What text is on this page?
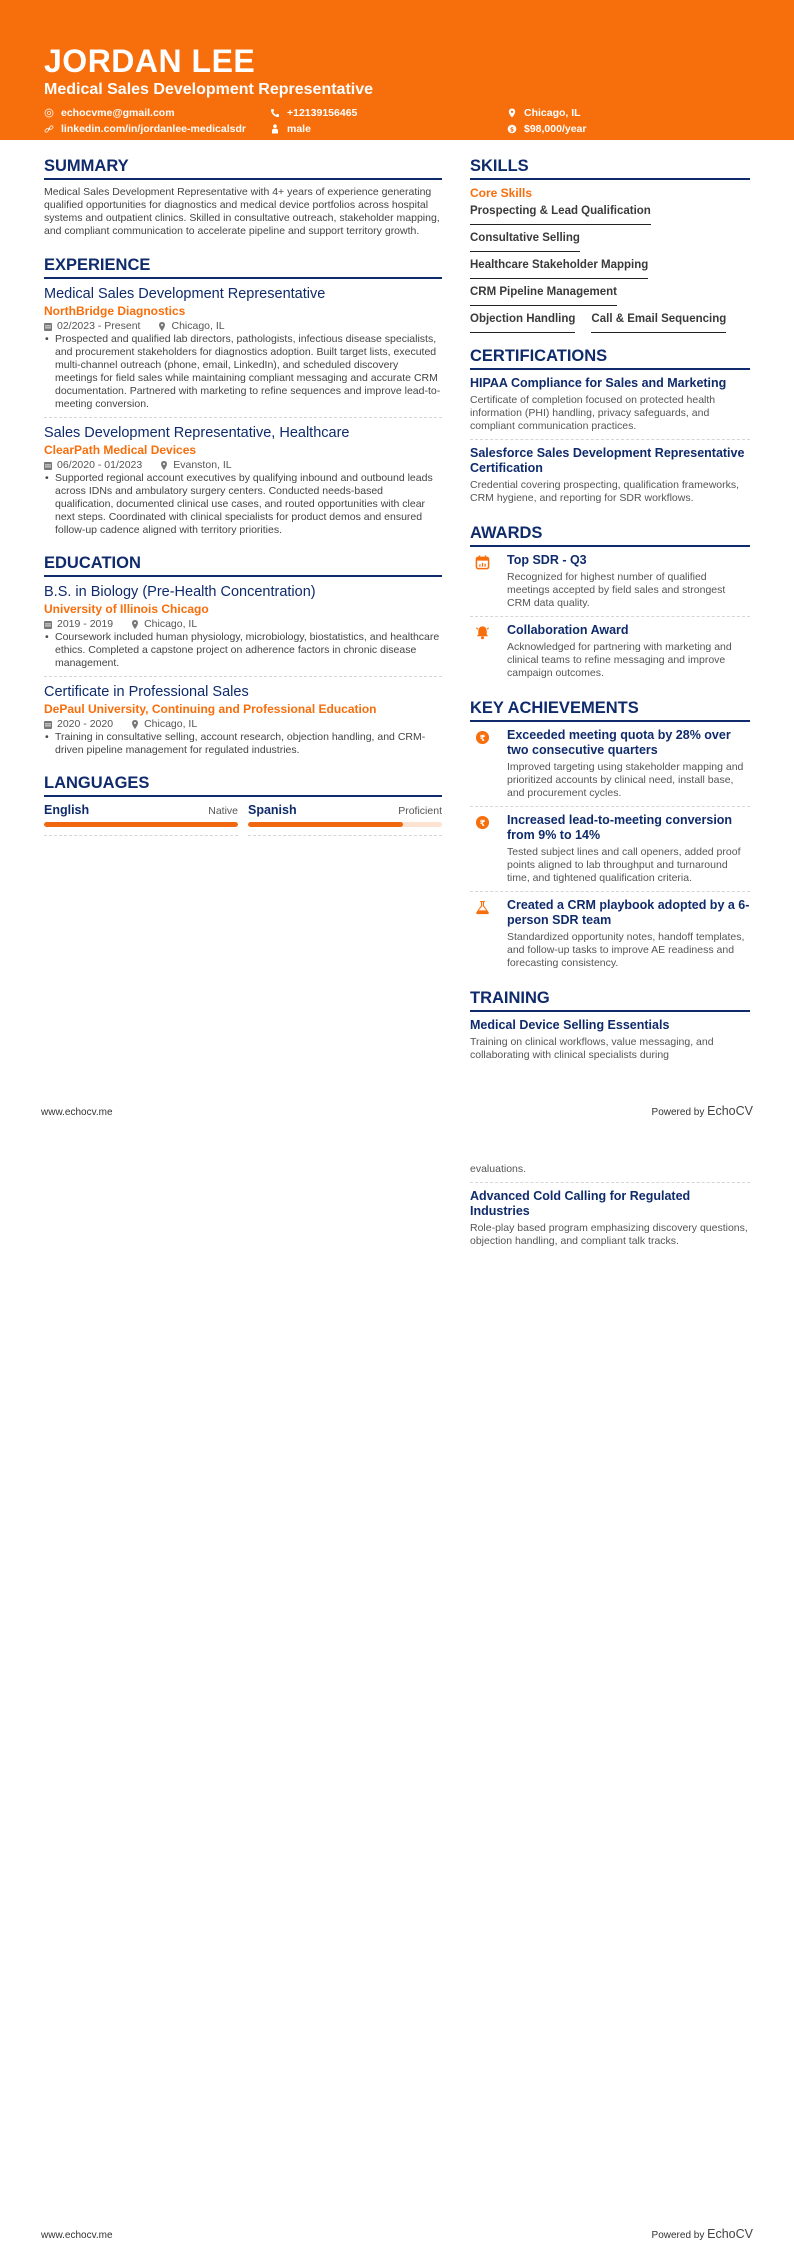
JORDAN LEE
Medical Sales Development Representative
echocvme@gmail.com	+12139156465	Chicago, IL
linkedin.com/in/jordanlee-medicalsdr	male	$ $98,000/year
SUMMARY
Medical Sales Development Representative with 4+ years of experience generating qualified opportunities for diagnostics and medical device portfolios across hospital systems and outpatient clinics. Skilled in consultative outreach, stakeholder mapping, and compliant communication to accelerate pipeline and support territory growth.
EXPERIENCE
Medical Sales Development Representative
NorthBridge Diagnostics
02/2023 - Present	Chicago, IL
• Prospected and qualified lab directors, pathologists, infectious disease specialists, and procurement stakeholders for diagnostics adoption. Built target lists, executed multi-channel outreach (phone, email, LinkedIn), and scheduled discovery meetings for field sales while maintaining compliant messaging and accurate CRM documentation. Partnered with marketing to refine sequences and improve lead-to-meeting conversion.
Sales Development Representative, Healthcare
ClearPath Medical Devices
06/2020 - 01/2023	Evanston, IL
• Supported regional account executives by qualifying inbound and outbound leads across IDNs and ambulatory surgery centers. Conducted needs-based qualification, documented clinical use cases, and routed opportunities with clear next steps. Coordinated with clinical specialists for product demos and ensured follow-up cadence aligned with territory priorities.
EDUCATION
B.S. in Biology (Pre-Health Concentration)
University of Illinois Chicago
2019 - 2019	Chicago, IL
• Coursework included human physiology, microbiology, biostatistics, and healthcare ethics. Completed a capstone project on adherence factors in chronic disease management.
Certificate in Professional Sales
DePaul University, Continuing and Professional Education
2020 - 2020	Chicago, IL
• Training in consultative selling, account research, objection handling, and CRM-driven pipeline management for regulated industries.
LANGUAGES
English	Native Spanish	Proficient
SKILLS
Core Skills
Prospecting & Lead Qualification
Consultative Selling
Healthcare Stakeholder Mapping
CRM Pipeline Management
Objection Handling Call & Email Sequencing
CERTIFICATIONS
HIPAA Compliance for Sales and Marketing
Certificate of completion focused on protected health information (PHI) handling, privacy safeguards, and compliant communication practices.
Salesforce Sales Development Representative Certification
Credential covering prospecting, qualification frameworks, CRM hygiene, and reporting for SDR workflows.
AWARDS
Top SDR - Q3
Recognized for highest number of qualified meetings accepted by field sales and strongest CRM data quality.
Collaboration Award
Acknowledged for partnering with marketing and clinical teams to refine messaging and improve campaign outcomes.
KEY ACHIEVEMENTS
₹ Exceeded meeting quota by 28% over two consecutive quarters
Improved targeting using stakeholder mapping and prioritized accounts by clinical need, install base, and procurement cycles.
₹ Increased lead-to-meeting conversion from 9% to 14%
Tested subject lines and call openers, added proof points aligned to lab throughput and turnaround time, and tightened qualification criteria.
Created a CRM playbook adopted by a 6-person SDR team
Standardized opportunity notes, handoff templates, and follow-up tasks to improve AE readiness and forecasting consistency.
TRAINING
Medical Device Selling Essentials
Training on clinical workflows, value messaging, and collaborating with clinical specialists during
www.echocv.me	Powered by EchoCV
evaluations.
Advanced Cold Calling for Regulated Industries
Role-play based program emphasizing discovery questions, objection handling, and compliant talk tracks.
www.echocv.me	Powered by EchoCV
